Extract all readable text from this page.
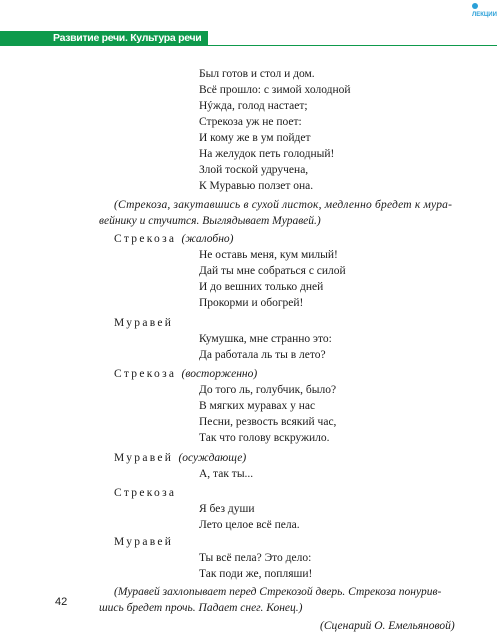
ЛЕКЦИИ
Развитие речи. Культура речи
Был готов и стол и дом.
Всё прошло: с зимой холодной
Нýжда, голод настает;
Стрекоза уж не поет:
И кому же в ум пойдет
На желудок петь голодный!
Злой тоской удручена,
К Муравью ползет она.
(Стрекоза, закутавшись в сухой листок, медленно бредет к мура-
вейнику и стучится. Выглядывает Муравей.)
Стрекоза (жалобно)
Не оставь меня, кум милый!
Дай ты мне собраться с силой
И до вешних только дней
Прокорми и обогрей!
Муравей
Кумушка, мне странно это:
Да работала ль ты в лето?
Стрекоза (восторженно)
До того ль, голубчик, было?
В мягких муравах у нас
Песни, резвость всякий час,
Так что голову вскружило.
Муравей (осуждающе)
А, так ты...
Стрекоза
Я без души
Лето целое всё пела.
Муравей
Ты всё пела? Это дело:
Так поди же, попляши!
(Муравей захлопывает перед Стрекозой дверь. Стрекоза понурив-
шись бредет прочь. Падает снег. Конец.)
(Сценарий О. Емельяновой)
42
